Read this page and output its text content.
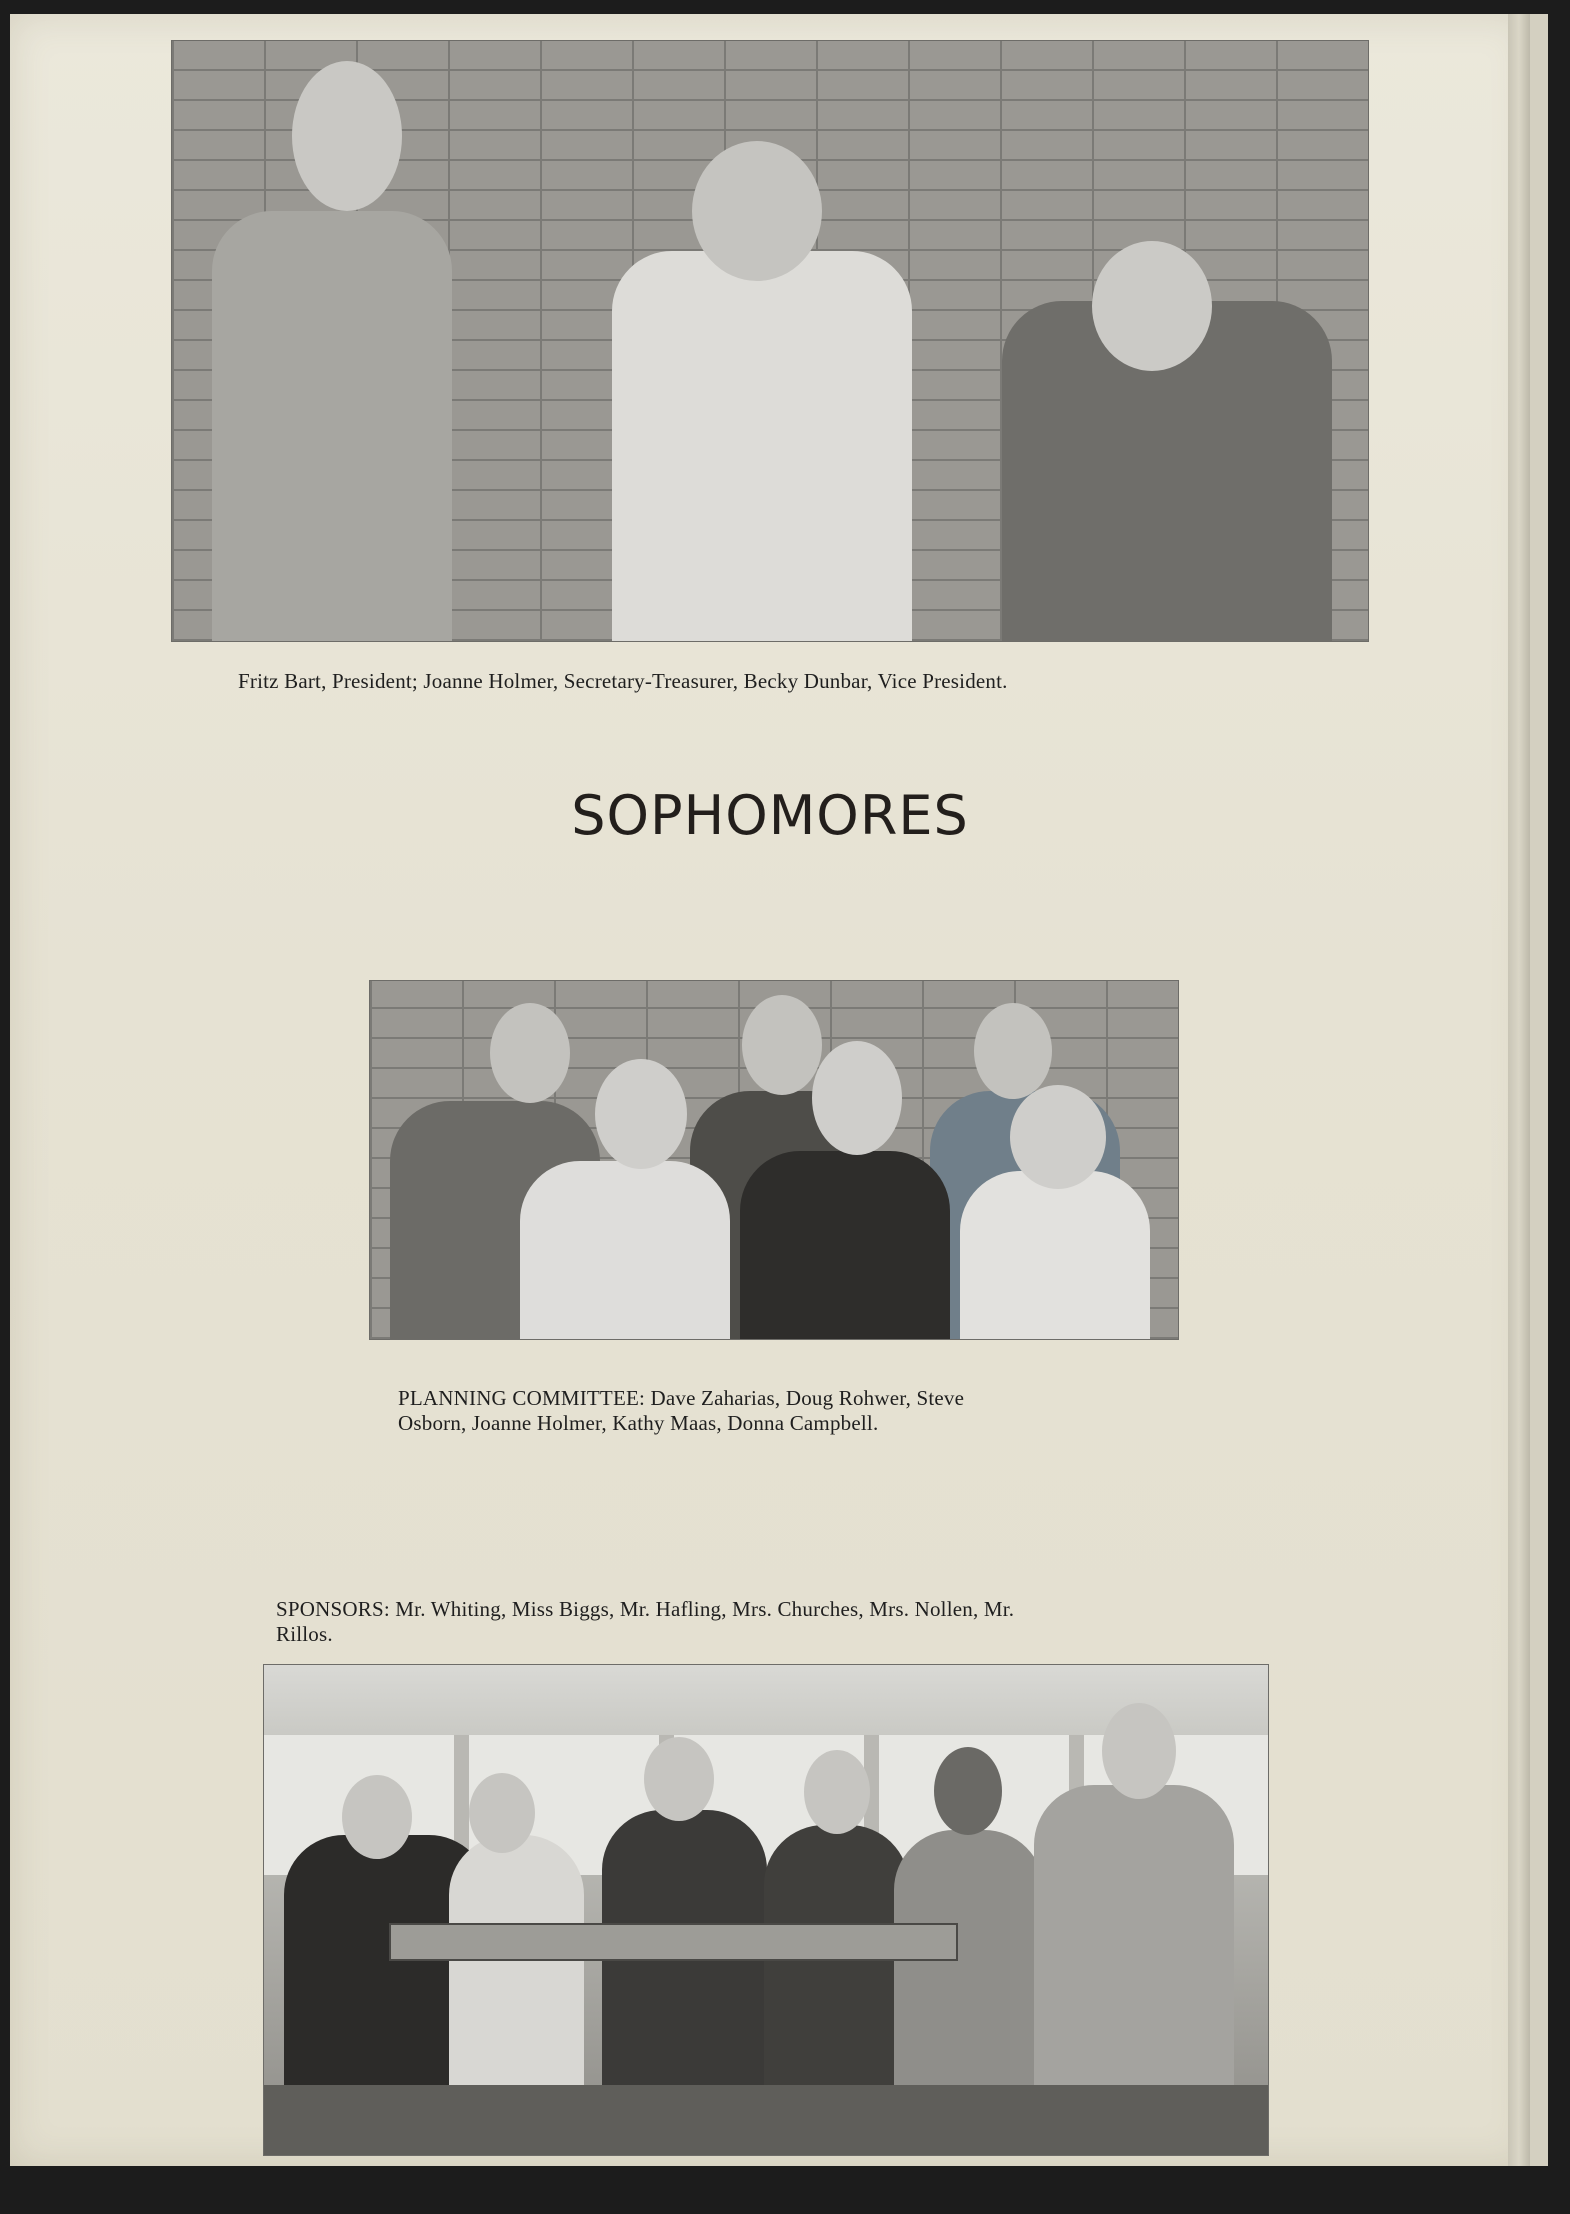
Fritz Bart, President; Joanne Holmer, Secretary-Treasurer, Becky Dunbar, Vice President.
SOPHOMORES
PLANNING COMMITTEE: Dave Zaharias, Doug Rohwer, Steve
Osborn, Joanne Holmer, Kathy Maas, Donna Campbell.
SPONSORS: Mr. Whiting, Miss Biggs, Mr. Hafling, Mrs. Churches, Mrs. Nollen, Mr.
Rillos.
